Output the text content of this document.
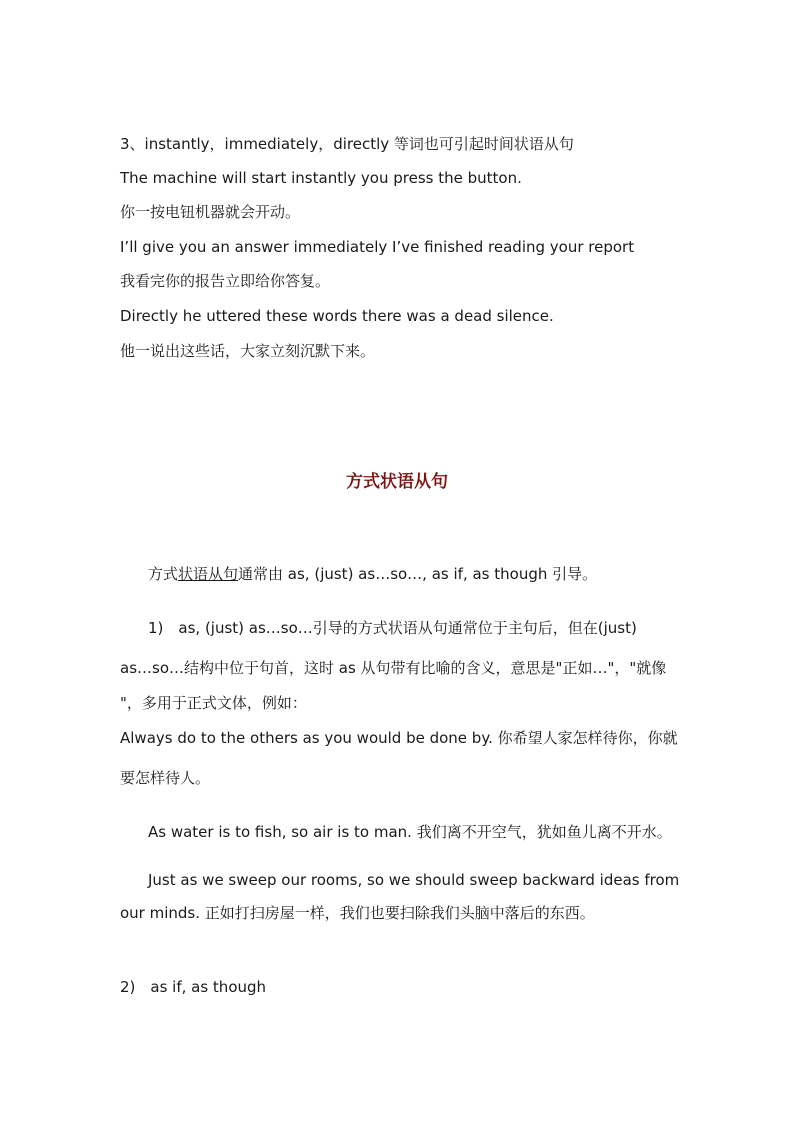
3、instantly，immediately，directly 等词也可引起时间状语从句
The machine will start instantly you press the button.
你一按电钮机器就会开动。
I’ll give you an answer immediately I’ve finished reading your report
我看完你的报告立即给你答复。
Directly he uttered these words there was a dead silence.
他一说出这些话，大家立刻沉默下来。
方式状语从句
方式状语从句通常由 as, (just) as…so…, as if, as though 引导。
1)　as, (just) as…so…引导的方式状语从句通常位于主句后，但在(just)
as…so…结构中位于句首，这时 as 从句带有比喻的含义，意思是"正如…"，"就像
"，多用于正式文体，例如：
Always do to the others as you would be done by. 你希望人家怎样待你，你就
要怎样待人。
As water is to fish, so air is to man. 我们离不开空气，犹如鱼儿离不开水。
Just as we sweep our rooms, so we should sweep backward ideas from
our minds. 正如打扫房屋一样，我们也要扫除我们头脑中落后的东西。
2)　as if, as though
